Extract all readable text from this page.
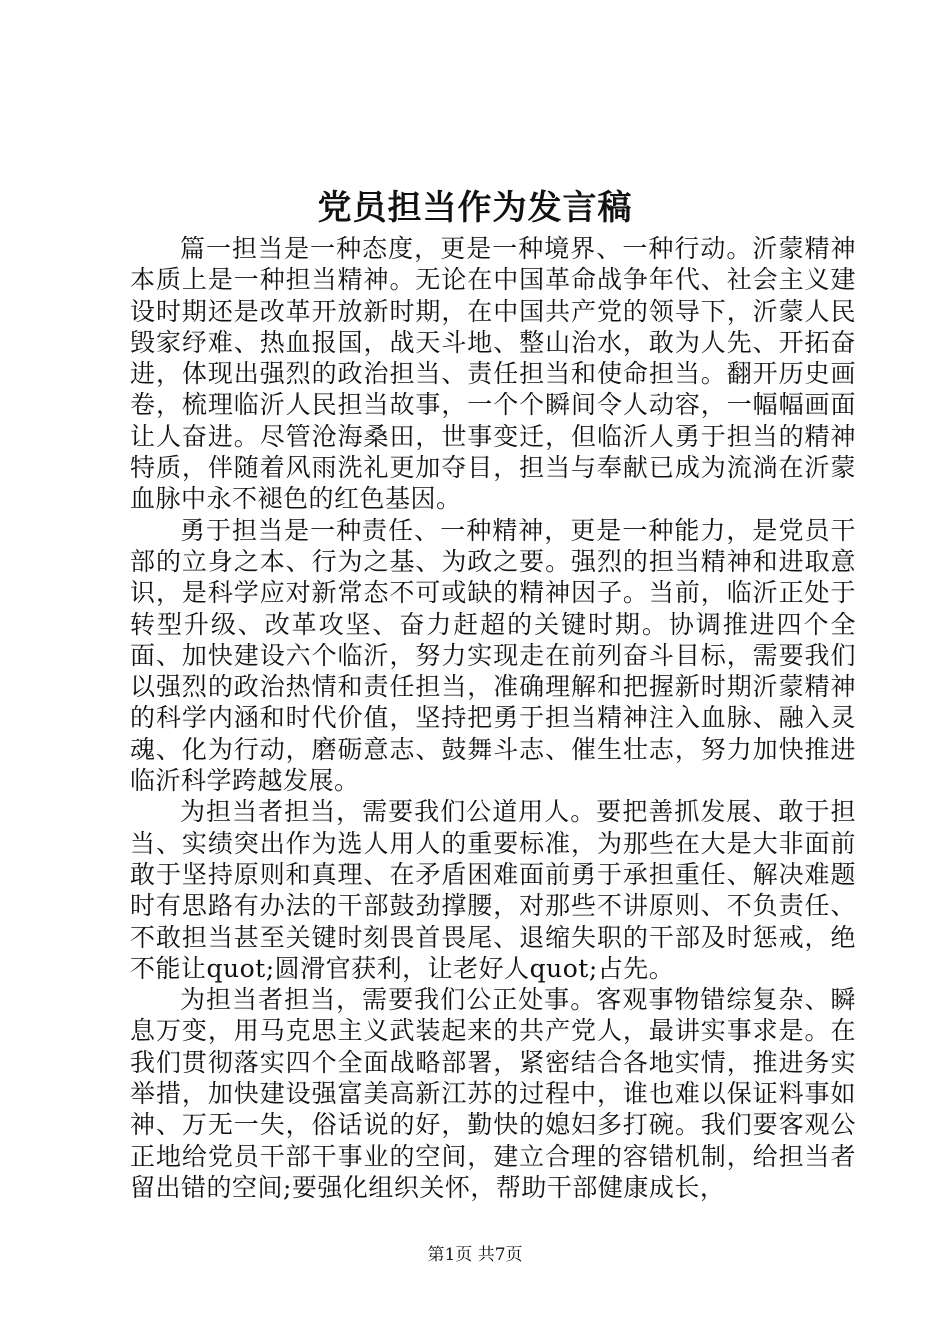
党员担当作为发言稿

篇一担当是一种态度，更是一种境界、一种行动。沂蒙精神本质上是一种担当精神。无论在中国革命战争年代、社会主义建设时期还是改革开放新时期，在中国共产党的领导下，沂蒙人民毁家纾难、热血报国，战天斗地、整山治水，敢为人先、开拓奋进，体现出强烈的政治担当、责任担当和使命担当。翻开历史画卷，梳理临沂人民担当故事，一个个瞬间令人动容，一幅幅画面让人奋进。尽管沧海桑田，世事变迁，但临沂人勇于担当的精神特质，伴随着风雨洗礼更加夺目，担当与奉献已成为流淌在沂蒙血脉中永不褪色的红色基因。

勇于担当是一种责任、一种精神，更是一种能力，是党员干部的立身之本、行为之基、为政之要。强烈的担当精神和进取意识，是科学应对新常态不可或缺的精神因子。当前，临沂正处于转型升级、改革攻坚、奋力赶超的关键时期。协调推进四个全面、加快建设六个临沂，努力实现走在前列奋斗目标，需要我们以强烈的政治热情和责任担当，准确理解和把握新时期沂蒙精神的科学内涵和时代价值，坚持把勇于担当精神注入血脉、融入灵魂、化为行动，磨砺意志、鼓舞斗志、催生壮志，努力加快推进临沂科学跨越发展。

为担当者担当，需要我们公道用人。要把善抓发展、敢于担当、实绩突出作为选人用人的重要标准，为那些在大是大非面前敢于坚持原则和真理、在矛盾困难面前勇于承担重任、解决难题时有思路有办法的干部鼓劲撑腰，对那些不讲原则、不负责任、不敢担当甚至关键时刻畏首畏尾、退缩失职的干部及时惩戒，绝不能让quot;圆滑官获利，让老好人quot;占先。

为担当者担当，需要我们公正处事。客观事物错综复杂、瞬息万变，用马克思主义武装起来的共产党人，最讲实事求是。在我们贯彻落实四个全面战略部署，紧密结合各地实情，推进务实举措，加快建设强富美高新江苏的过程中，谁也难以保证料事如神、万无一失，俗话说的好，勤快的媳妇多打碗。我们要客观公正地给党员干部干事业的空间，建立合理的容错机制，给担当者留出错的空间;要强化组织关怀，帮助干部健康成长，

第1页 共7页
